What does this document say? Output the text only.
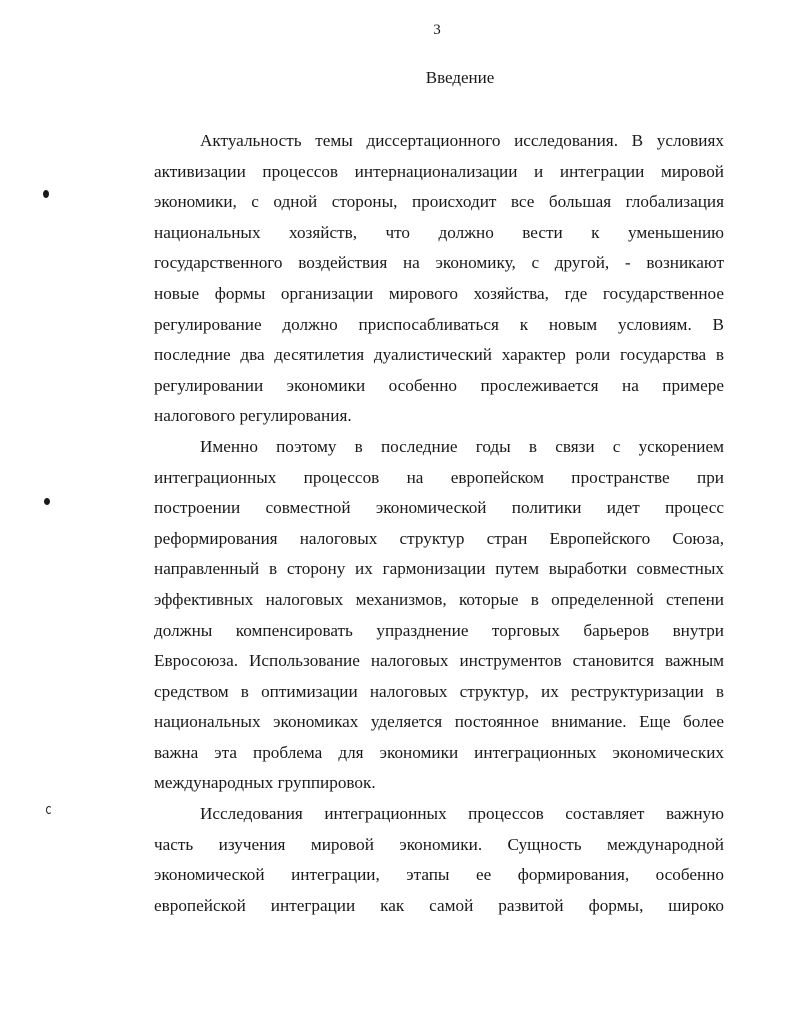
3
Введение
Актуальность темы диссертационного исследования. В условиях
активизации процессов интернационализации и интеграции мировой
экономики, с одной стороны, происходит все большая глобализация
национальных хозяйств, что должно вести к уменьшению
государственного воздействия на экономику, с другой, - возникают
новые формы организации мирового хозяйства, где государственное
регулирование должно приспосабливаться к новым условиям. В
последние два десятилетия дуалистический характер роли государства в
регулировании экономики особенно прослеживается на примере
налогового регулирования.
Именно поэтому в последние годы в связи с ускорением
интеграционных процессов на европейском пространстве при
построении совместной экономической политики идет процесс
реформирования налоговых структур стран Европейского Союза,
направленный в сторону их гармонизации путем выработки совместных
эффективных налоговых механизмов, которые в определенной степени
должны компенсировать упразднение торговых барьеров внутри
Евросоюза. Использование налоговых инструментов становится важным
средством в оптимизации налоговых структур, их реструктуризации в
национальных экономиках уделяется постоянное внимание. Еще более
важна эта проблема для экономики интеграционных экономических
международных группировок.
Исследования интеграционных процессов составляет важную
часть изучения мировой экономики. Сущность международной
экономической интеграции, этапы ее формирования, особенно
европейской интеграции как самой развитой формы, широко
